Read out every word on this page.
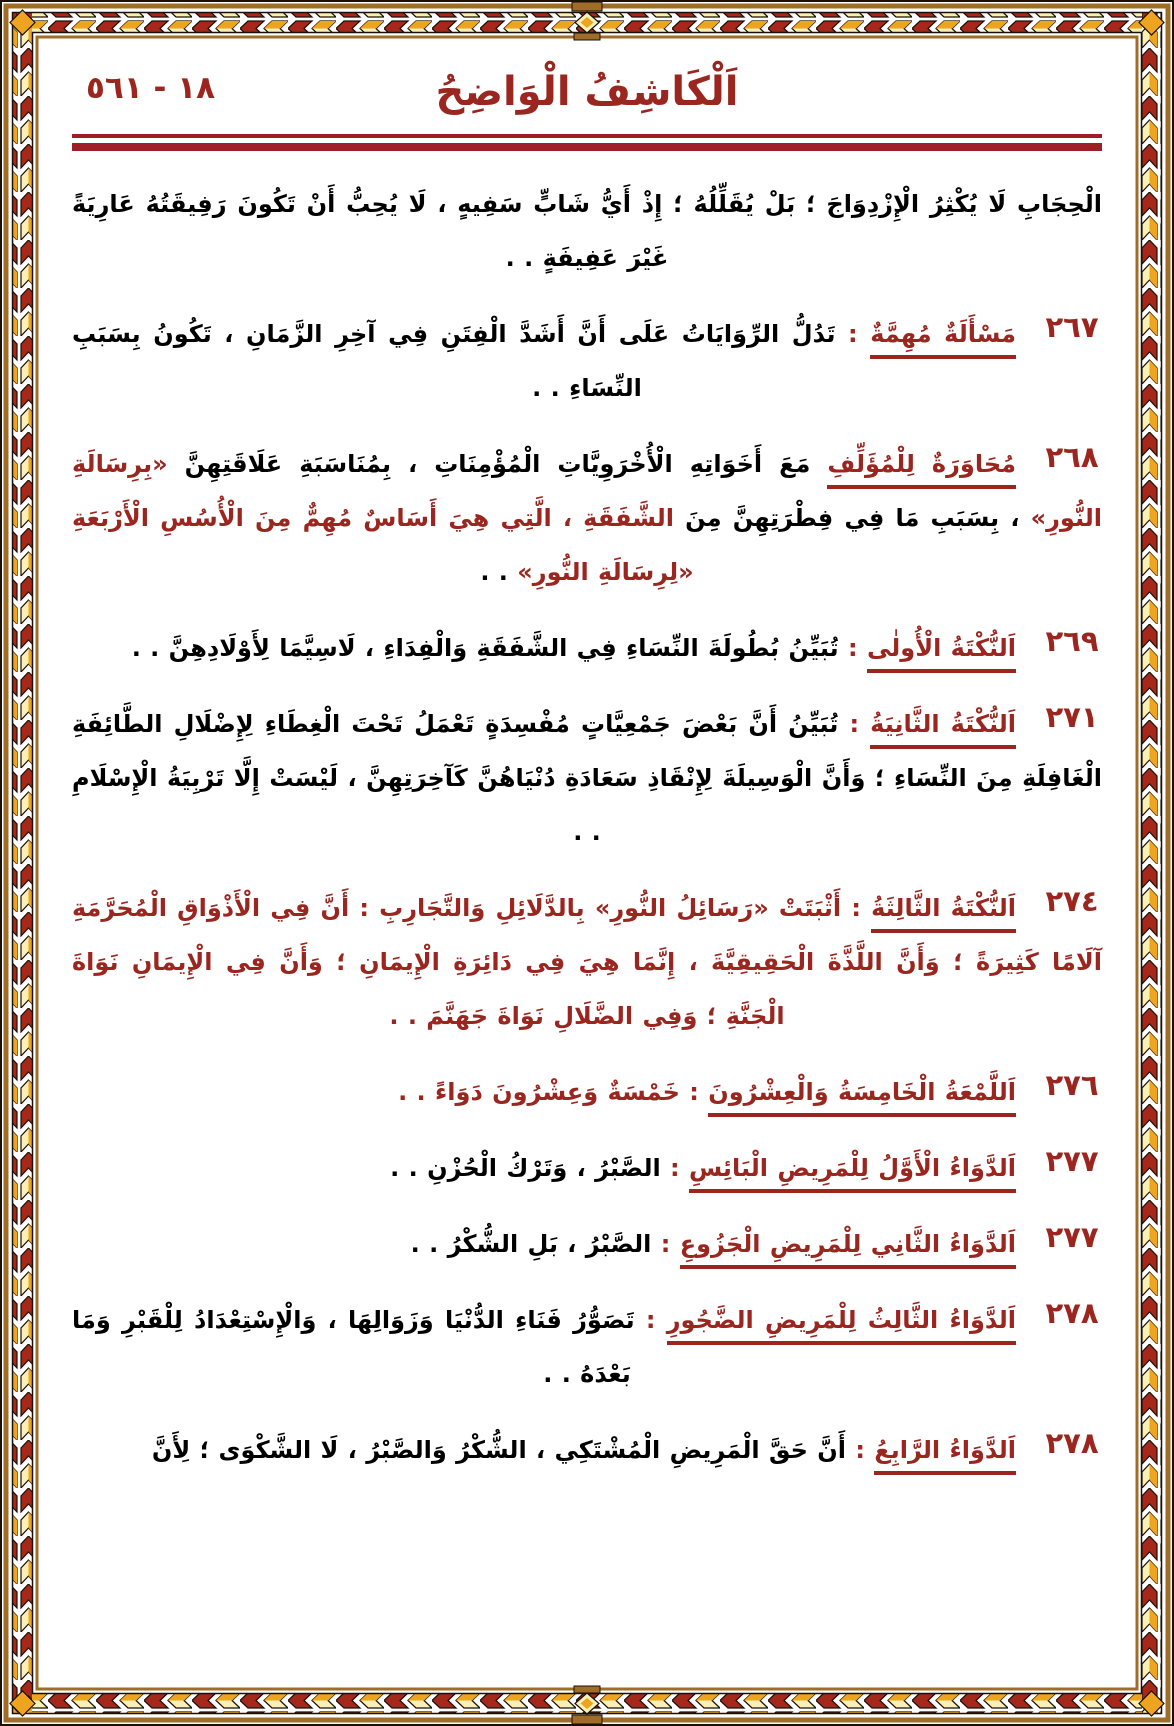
١٨ - ٥٦١	اَلْكَاشِفُ الْوَاضِحُ

الْحِجَابِ لَا يُكْثِرُ الْإِزْدِوَاجَ ؛ بَلْ يُقَلِّلُهُ ؛ إِذْ أَيُّ شَابٍّ سَفِيهٍ ، لَا يُحِبُّ أَنْ تَكُونَ رَفِيقَتُهُ عَارِيَةً غَيْرَ عَفِيفَةٍ . .

٢٦٧

مَسْأَلَةٌ مُهِمَّةٌ : تَدُلُّ الرِّوَايَاتُ عَلَى أَنَّ أَشَدَّ الْفِتَنِ فِي آخِرِ الزَّمَانِ ، تَكُونُ بِسَبَبِ النِّسَاءِ . .

٢٦٨

مُحَاوَرَةٌ لِلْمُؤَلِّفِ مَعَ أَخَوَاتِهِ الْأُخْرَوِيَّاتِ الْمُؤْمِنَاتِ ، بِمُنَاسَبَةِ عَلَاقَتِهِنَّ «بِرِسَالَةِ النُّورِ» ، بِسَبَبِ مَا فِي فِطْرَتِهِنَّ مِنَ الشَّفَقَةِ ، الَّتِي هِيَ أَسَاسٌ مُهِمٌّ مِنَ الْأُسُسِ الْأَرْبَعَةِ «لِرِسَالَةِ النُّورِ» . .

٢٦٩

اَلنُّكْتَةُ الْأُولٰى : تُبَيِّنُ بُطُولَةَ النِّسَاءِ فِي الشَّفَقَةِ وَالْفِدَاءِ ، لَاسِيَّمَا لِأَوْلَادِهِنَّ . .

٢٧١

اَلنُّكْتَةُ الثَّانِيَةُ : تُبَيِّنُ أَنَّ بَعْضَ جَمْعِيَّاتٍ مُفْسِدَةٍ تَعْمَلُ تَحْتَ الْغِطَاءِ لِإِضْلَالِ الطَّائِفَةِ الْغَافِلَةِ مِنَ النِّسَاءِ ؛ وَأَنَّ الْوَسِيلَةَ لِإِنْقَاذِ سَعَادَةِ دُنْيَاهُنَّ كَآخِرَتِهِنَّ ، لَيْسَتْ إِلَّا تَرْبِيَةُ الْإِسْلَامِ . .

٢٧٤

اَلنُّكْتَةُ الثَّالِثَةُ : أَثْبَتَتْ «رَسَائِلُ النُّورِ» بِالدَّلَائِلِ وَالتَّجَارِبِ : أَنَّ فِي الْأَذْوَاقِ الْمُحَرَّمَةِ آلَامًا كَثِيرَةً ؛ وَأَنَّ اللَّذَّةَ الْحَقِيقِيَّةَ ، إِنَّمَا هِيَ فِي دَائِرَةِ الْإِيمَانِ ؛ وَأَنَّ فِي الْإِيمَانِ نَوَاةَ الْجَنَّةِ ؛ وَفِي الضَّلَالِ نَوَاةَ جَهَنَّمَ . .

٢٧٦

اَللَّمْعَةُ الْخَامِسَةُ وَالْعِشْرُونَ : خَمْسَةٌ وَعِشْرُونَ دَوَاءً . .

٢٧٧

اَلدَّوَاءُ الْأَوَّلُ لِلْمَرِيضِ الْبَائِسِ : الصَّبْرُ ، وَتَرْكُ الْحُزْنِ . .

٢٧٧

اَلدَّوَاءُ الثَّانِي لِلْمَرِيضِ الْجَزُوعِ : الصَّبْرُ ، بَلِ الشُّكْرُ . .

٢٧٨

اَلدَّوَاءُ الثَّالِثُ لِلْمَرِيضِ الضَّجُورِ : تَصَوُّرُ فَنَاءِ الدُّنْيَا وَزَوَالِهَا ، وَالْإِسْتِعْدَادُ لِلْقَبْرِ وَمَا بَعْدَهُ . .

٢٧٨

اَلدَّوَاءُ الرَّابِعُ : أَنَّ حَقَّ الْمَرِيضِ الْمُشْتَكِي ، الشُّكْرُ وَالصَّبْرُ ، لَا الشَّكْوَى ؛ لِأَنَّ
